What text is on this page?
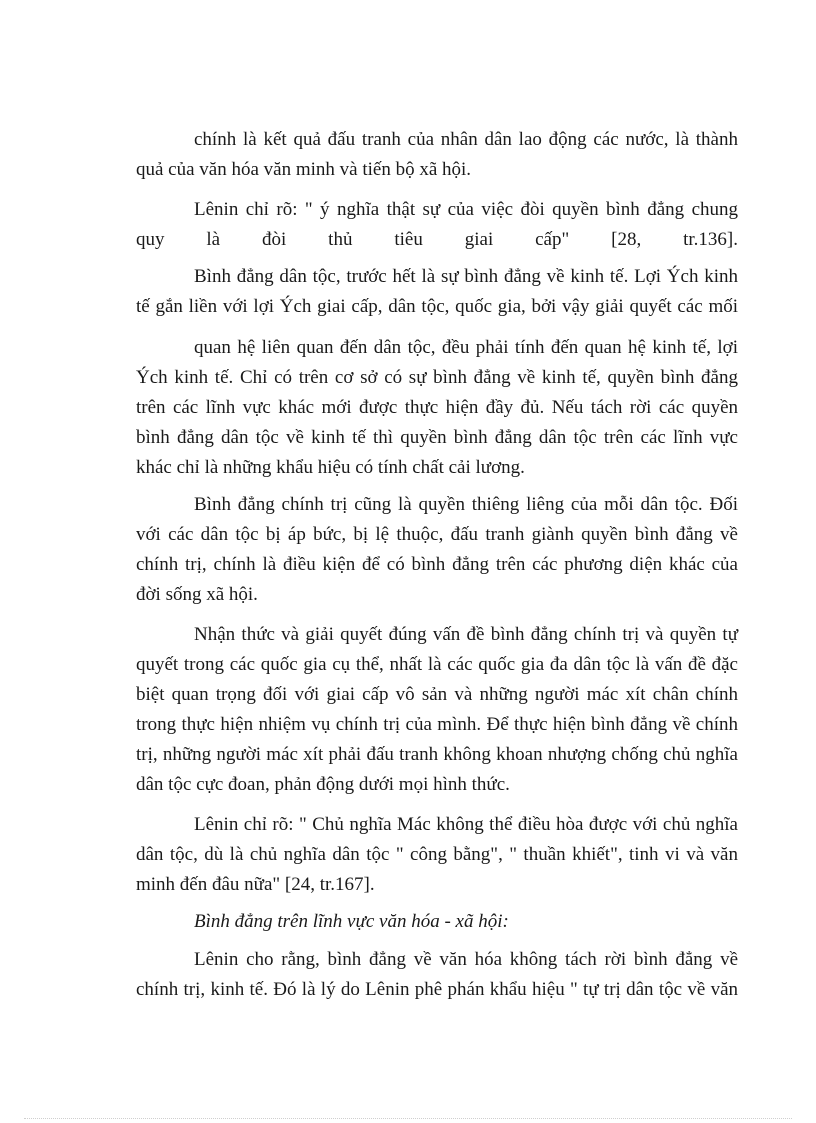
chính là kết quả đấu tranh của nhân dân lao động các nước, là thành
quả của văn hóa văn minh và tiến bộ xã hội.
Lênin chỉ rõ: " ý nghĩa thật sự của việc đòi quyền bình đẳng chung
quy là đòi thủ tiêu giai cấp" [28, tr.136].
Bình đẳng dân tộc, trước hết là sự bình đẳng về kinh tế. Lợi Ých kinh
tế gắn liền với lợi Ých giai cấp, dân tộc, quốc gia, bởi vậy giải quyết các mối
quan hệ liên quan đến dân tộc, đều phải tính đến quan hệ kinh tế, lợi
Ých kinh tế. Chỉ có trên cơ sở có sự bình đẳng về kinh tế, quyền bình đẳng
trên các lĩnh vực khác mới được thực hiện đầy đủ. Nếu tách rời các quyền
bình đẳng dân tộc về kinh tế thì quyền bình đẳng dân tộc trên các lĩnh vực
khác chỉ là những khẩu hiệu có tính chất cải lương.
Bình đẳng chính trị cũng là quyền thiêng liêng của mỗi dân tộc. Đối
với các dân tộc bị áp bức, bị lệ thuộc, đấu tranh giành quyền bình đẳng về
chính trị, chính là điều kiện để có bình đẳng trên các phương diện khác của
đời sống xã hội.
Nhận thức và giải quyết đúng vấn đề bình đẳng chính trị và quyền tự
quyết trong các quốc gia cụ thể, nhất là các quốc gia đa dân tộc là vấn đề đặc
biệt quan trọng đối với giai cấp vô sản và những người mác xít chân chính
trong thực hiện nhiệm vụ chính trị của mình. Để thực hiện bình đẳng về chính
trị, những người mác xít phải đấu tranh không khoan nhượng chống chủ nghĩa
dân tộc cực đoan, phản động dưới mọi hình thức.
Lênin chỉ rõ: " Chủ nghĩa Mác không thể điều hòa được với chủ nghĩa
dân tộc, dù là chủ nghĩa dân tộc " công bằng", " thuần khiết", tinh vi và văn
minh đến đâu nữa" [24, tr.167].
Bình đẳng trên lĩnh vực văn hóa - xã hội:
Lênin cho rằng, bình đẳng về văn hóa không tách rời bình đẳng về
chính trị, kinh tế. Đó là lý do Lênin phê phán khẩu hiệu " tự trị dân tộc về văn
